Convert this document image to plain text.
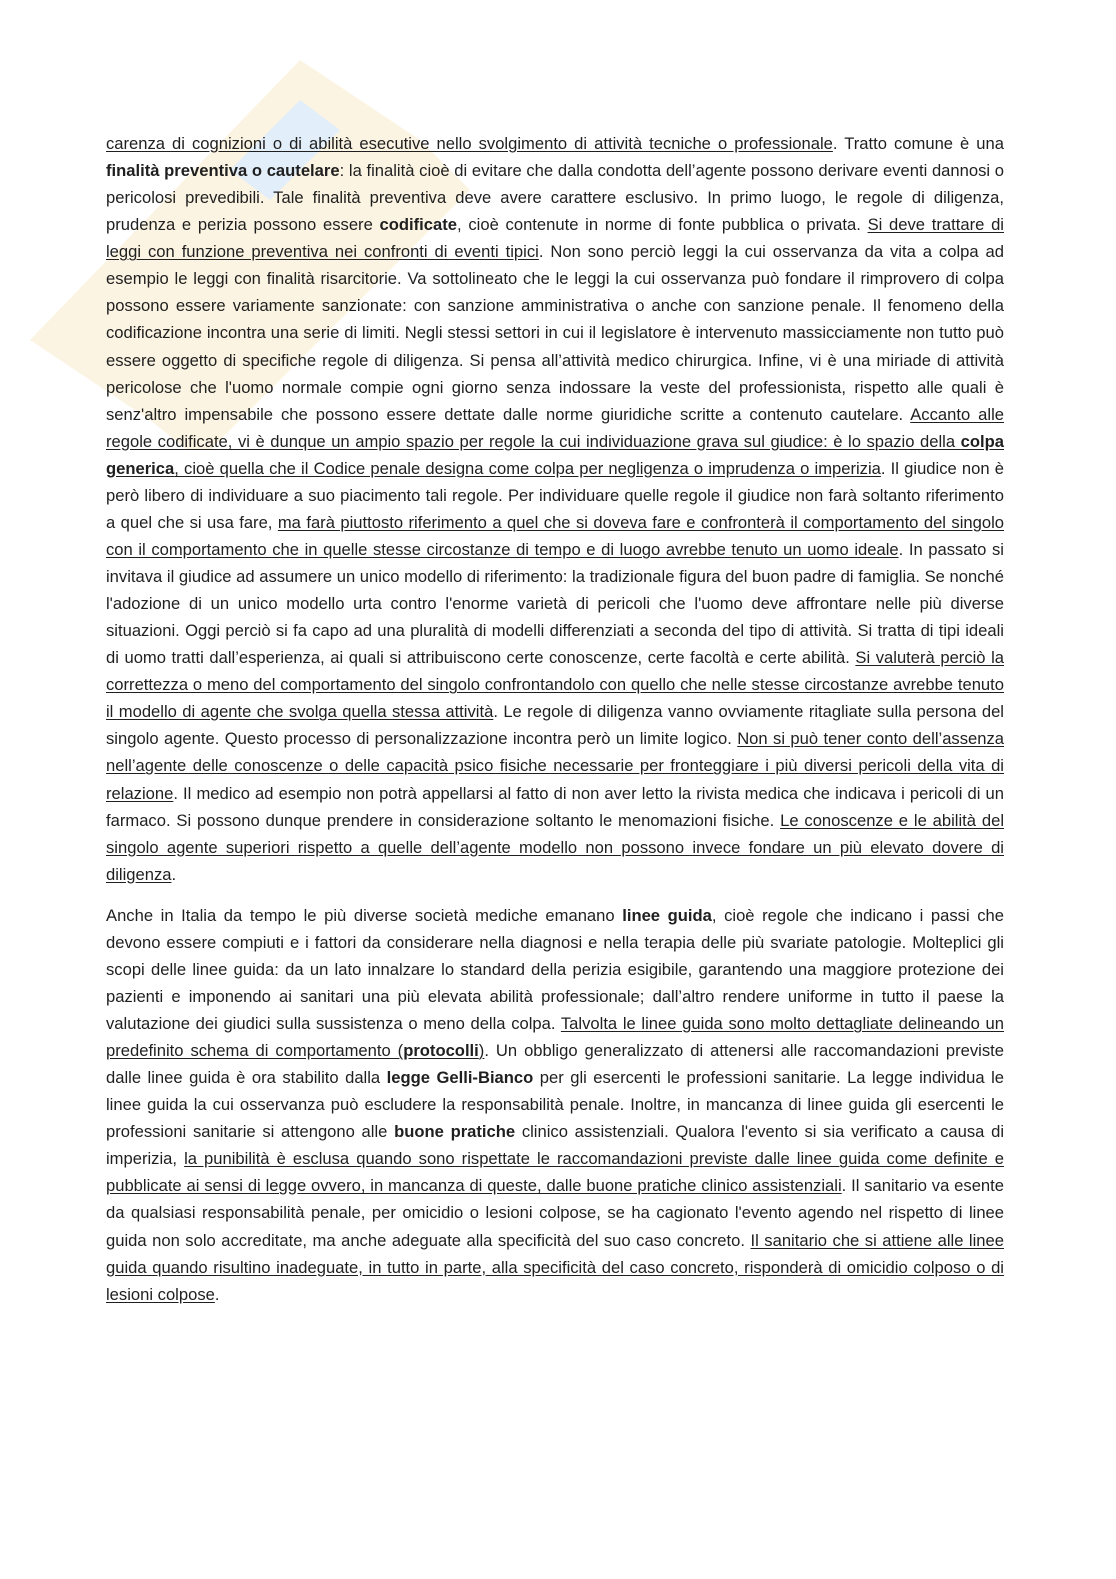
carenza di cognizioni o di abilità esecutive nello svolgimento di attività tecniche o professionale. Tratto comune è una finalità preventiva o cautelare: la finalità cioè di evitare che dalla condotta dell’agente possono derivare eventi dannosi o pericolosi prevedibili. Tale finalità preventiva deve avere carattere esclusivo. In primo luogo, le regole di diligenza, prudenza e perizia possono essere codificate, cioè contenute in norme di fonte pubblica o privata. Si deve trattare di leggi con funzione preventiva nei confronti di eventi tipici. Non sono perciò leggi la cui osservanza da vita a colpa ad esempio le leggi con finalità risarcitorie. Va sottolineato che le leggi la cui osservanza può fondare il rimprovero di colpa possono essere variamente sanzionate: con sanzione amministrativa o anche con sanzione penale. Il fenomeno della codificazione incontra una serie di limiti. Negli stessi settori in cui il legislatore è intervenuto massicciamente non tutto può essere oggetto di specifiche regole di diligenza. Si pensa all’attività medico chirurgica. Infine, vi è una miriade di attività pericolose che l'uomo normale compie ogni giorno senza indossare la veste del professionista, rispetto alle quali è senz'altro impensabile che possono essere dettate dalle norme giuridiche scritte a contenuto cautelare. Accanto alle regole codificate, vi è dunque un ampio spazio per regole la cui individuazione grava sul giudice: è lo spazio della colpa generica, cioè quella che il Codice penale designa come colpa per negligenza o imprudenza o imperizia. Il giudice non è però libero di individuare a suo piacimento tali regole. Per individuare quelle regole il giudice non farà soltanto riferimento a quel che si usa fare, ma farà piuttosto riferimento a quel che si doveva fare e confronterà il comportamento del singolo con il comportamento che in quelle stesse circostanze di tempo e di luogo avrebbe tenuto un uomo ideale. In passato si invitava il giudice ad assumere un unico modello di riferimento: la tradizionale figura del buon padre di famiglia. Se nonché l'adozione di un unico modello urta contro l'enorme varietà di pericoli che l'uomo deve affrontare nelle più diverse situazioni. Oggi perciò si fa capo ad una pluralità di modelli differenziati a seconda del tipo di attività. Si tratta di tipi ideali di uomo tratti dall’esperienza, ai quali si attribuiscono certe conoscenze, certe facoltà e certe abilità. Si valuterà perciò la correttezza o meno del comportamento del singolo confrontandolo con quello che nelle stesse circostanze avrebbe tenuto il modello di agente che svolga quella stessa attività. Le regole di diligenza vanno ovviamente ritagliate sulla persona del singolo agente. Questo processo di personalizzazione incontra però un limite logico. Non si può tener conto dell’assenza nell’agente delle conoscenze o delle capacità psico fisiche necessarie per fronteggiare i più diversi pericoli della vita di relazione. Il medico ad esempio non potrà appellarsi al fatto di non aver letto la rivista medica che indicava i pericoli di un farmaco. Si possono dunque prendere in considerazione soltanto le menomazioni fisiche. Le conoscenze e le abilità del singolo agente superiori rispetto a quelle dell’agente modello non possono invece fondare un più elevato dovere di diligenza.

Anche in Italia da tempo le più diverse società mediche emanano linee guida, cioè regole che indicano i passi che devono essere compiuti e i fattori da considerare nella diagnosi e nella terapia delle più svariate patologie. Molteplici gli scopi delle linee guida: da un lato innalzare lo standard della perizia esigibile, garantendo una maggiore protezione dei pazienti e imponendo ai sanitari una più elevata abilità professionale; dall’altro rendere uniforme in tutto il paese la valutazione dei giudici sulla sussistenza o meno della colpa. Talvolta le linee guida sono molto dettagliate delineando un predefinito schema di comportamento (protocolli). Un obbligo generalizzato di attenersi alle raccomandazioni previste dalle linee guida è ora stabilito dalla legge Gelli-Bianco per gli esercenti le professioni sanitarie. La legge individua le linee guida la cui osservanza può escludere la responsabilità penale. Inoltre, in mancanza di linee guida gli esercenti le professioni sanitarie si attengono alle buone pratiche clinico assistenziali. Qualora l'evento si sia verificato a causa di imperizia, la punibilità è esclusa quando sono rispettate le raccomandazioni previste dalle linee guida come definite e pubblicate ai sensi di legge ovvero, in mancanza di queste, dalle buone pratiche clinico assistenziali. Il sanitario va esente da qualsiasi responsabilità penale, per omicidio o lesioni colpose, se ha cagionato l'evento agendo nel rispetto di linee guida non solo accreditate, ma anche adeguate alla specificità del suo caso concreto. Il sanitario che si attiene alle linee guida quando risultino inadeguate, in tutto in parte, alla specificità del caso concreto, risponderà di omicidio colposo o di lesioni colpose.
